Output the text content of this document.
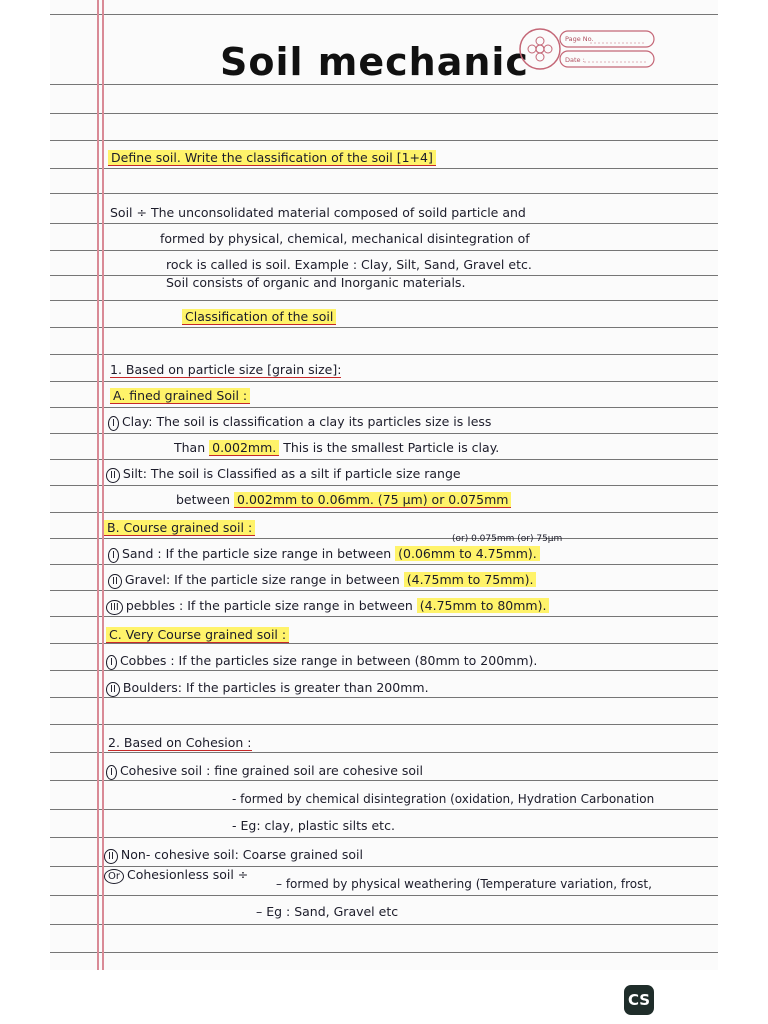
Soil mechanic
Page No.
Date :
Define soil. Write the classification of the soil [1+4]
Soil ÷ The unconsolidated material composed of soild particle and
formed by physical, chemical, mechanical disintegration of
rock is called is soil. Example : Clay, Silt, Sand, Gravel etc.
Soil consists of organic and Inorganic materials.
Classification of the soil
1. Based on particle size [grain size]:
A. fined grained Soil :
I Clay: The soil is classification a clay its particles size is less
Than 0.002mm. This is the smallest Particle is clay.
II Silt: The soil is Classified as a silt if particle size range
between 0.002mm to 0.06mm. (75 µm) or 0.075mm
B. Course grained soil :
(or) 0.075mm (or) 75µm
I Sand : If the particle size range in between (0.06mm to 4.75mm).
II Gravel: If the particle size range in between (4.75mm to 75mm).
III pebbles : If the particle size range in between (4.75mm to 80mm).
C. Very Course grained soil :
I Cobbes : If the particles size range in between (80mm to 200mm).
II Boulders: If the particles is greater than 200mm.
2. Based on Cohesion :
I Cohesive soil : fine grained soil are cohesive soil
- formed by chemical disintegration (oxidation, Hydration Carbonation
- Eg: clay, plastic silts etc.
II Non- cohesive soil: Coarse grained soil
Or Cohesionless soil ÷
– formed by physical weathering (Temperature variation, frost,
– Eg : Sand, Gravel etc
CS
